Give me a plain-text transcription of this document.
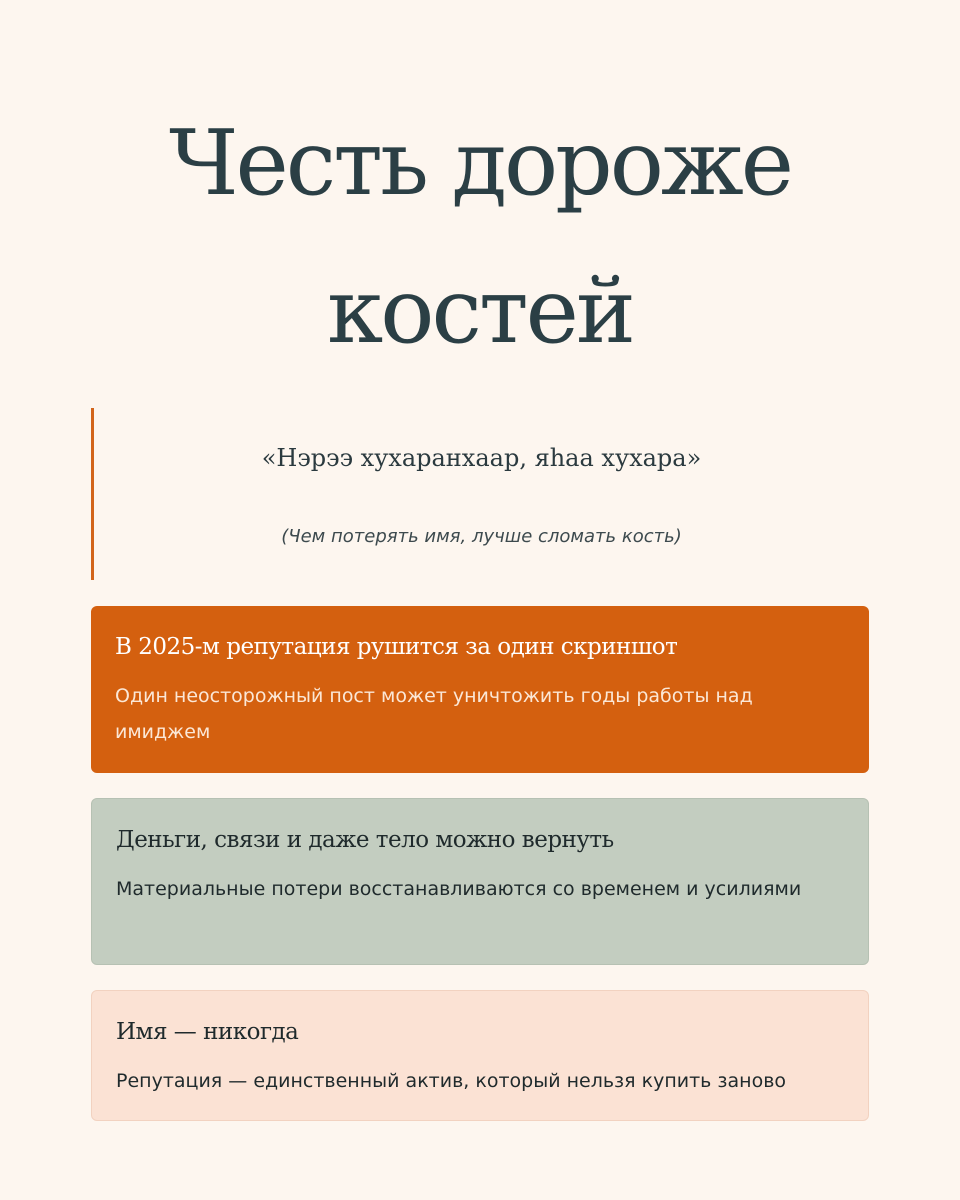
Честь дороже
костей
«Нэрээ хухаранхаар, яhаа хухара»
(Чем потерять имя, лучше сломать кость)
В 2025-м репутация рушится за один скриншот

Один неосторожный пост может уничтожить годы работы над имиджем

Деньги, связи и даже тело можно вернуть

Материальные потери восстанавливаются со временем и усилиями

Имя — никогда

Репутация — единственный актив, который нельзя купить заново
